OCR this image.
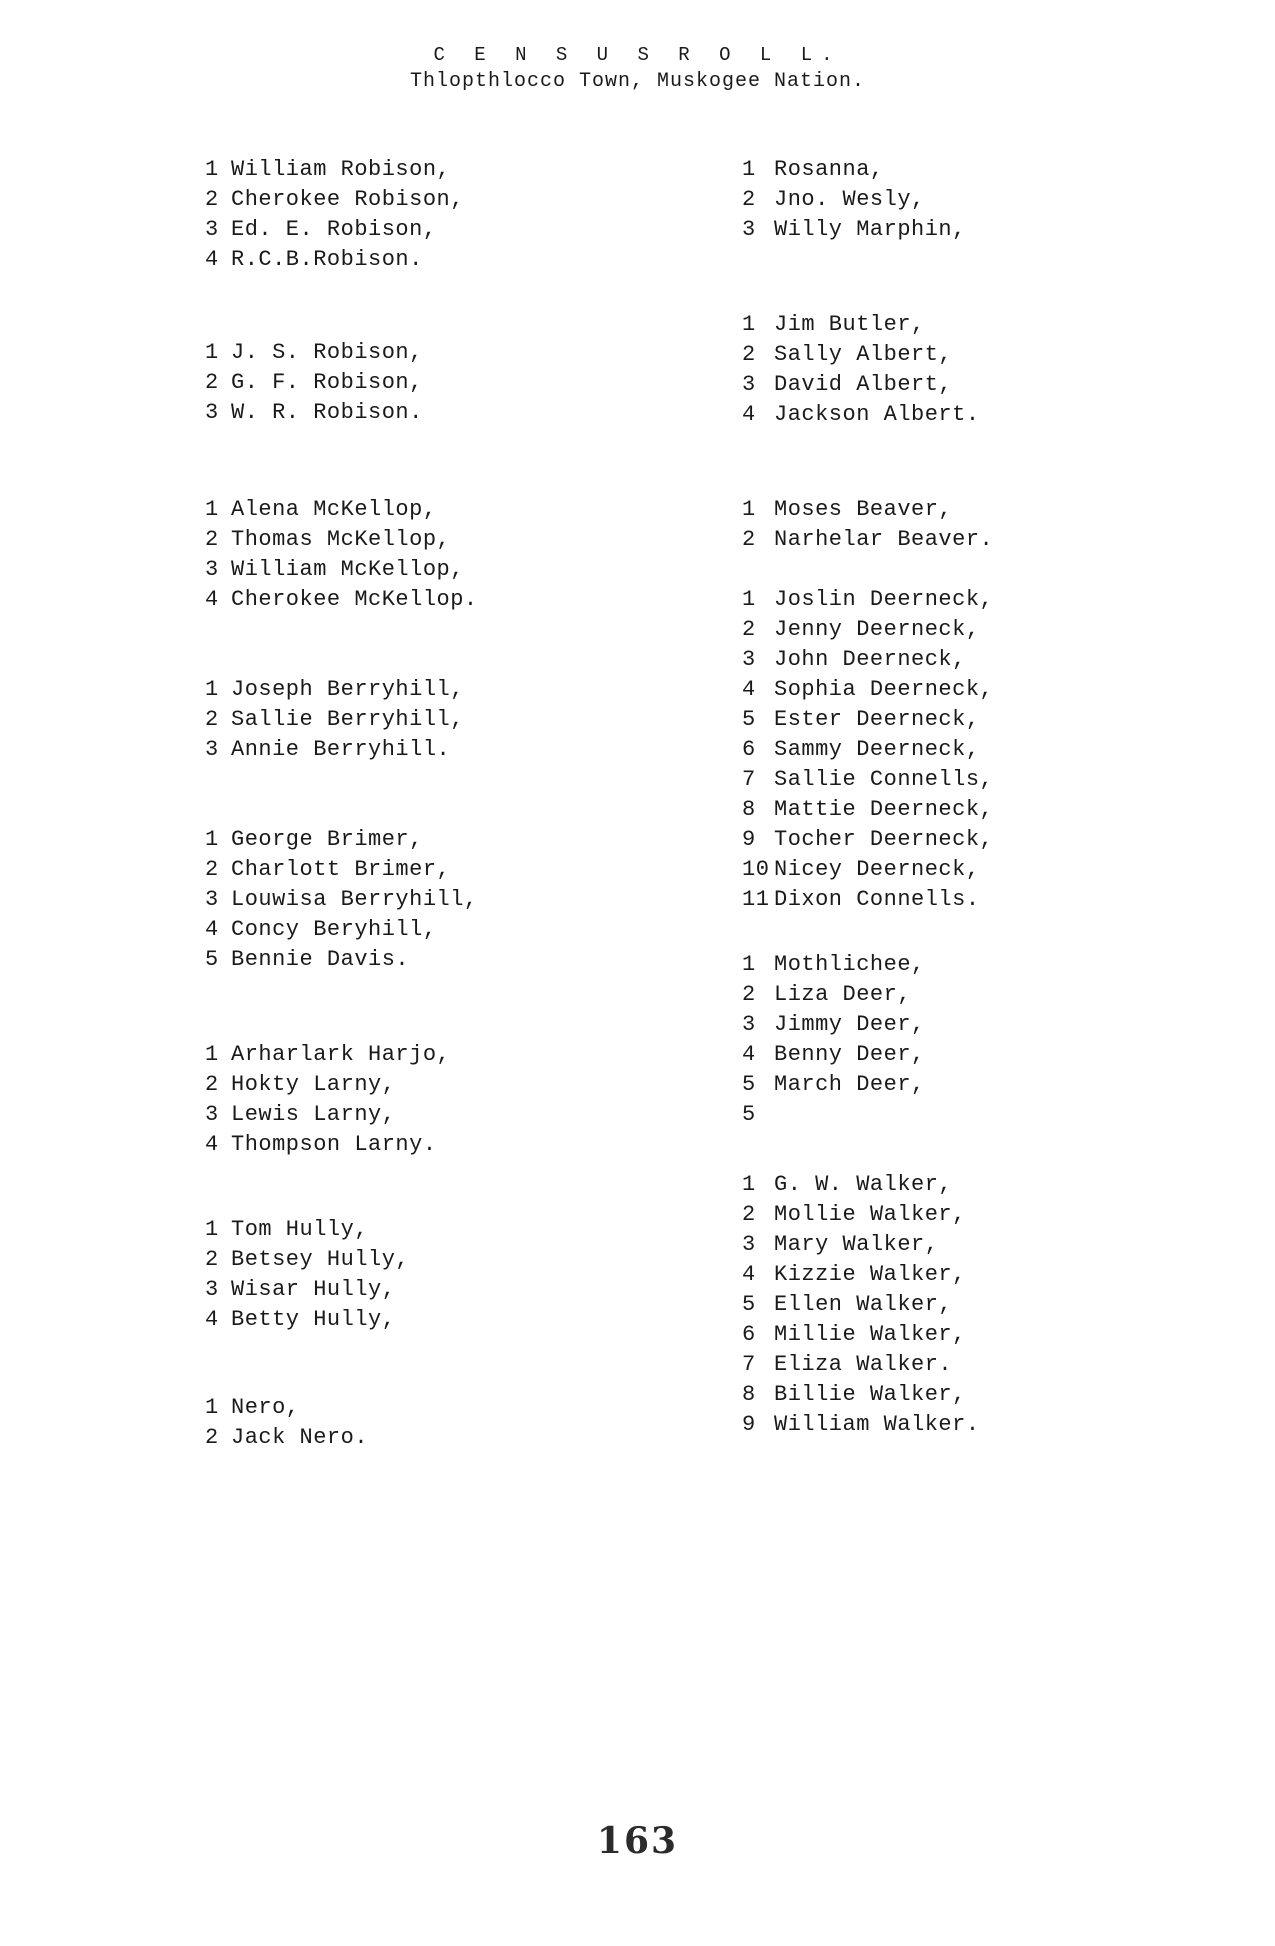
C E N S U S R O L L.
Thlopthlocco Town, Muskogee Nation.
1 William Robison,
2 Cherokee Robison,
3 Ed. E. Robison,
4 R.C.B.Robison.
1 J. S. Robison,
2 G. F. Robison,
3 W. R. Robison.
1 Alena McKellop,
2 Thomas McKellop,
3 William McKellop,
4 Cherokee McKellop.
1 Joseph Berryhill,
2 Sallie Berryhill,
3 Annie Berryhill.
1 George Brimer,
2 Charlott Brimer,
3 Louwisa Berryhill,
4 Concy Beryhill,
5 Bennie Davis.
1 Arharlark Harjo,
2 Hokty Larny,
3 Lewis Larny,
4 Thompson Larny.
1 Tom Hully,
2 Betsey Hully,
3 Wisar Hully,
4 Betty Hully,
1 Nero,
2 Jack Nero.
1 Rosanna,
2 Jno. Wesly,
3 Willy Marphin,
1 Jim Butler,
2 Sally Albert,
3 David Albert,
4 Jackson Albert.
1 Moses Beaver,
2 Narhelar Beaver.
1 Joslin Deerneck,
2 Jenny Deerneck,
3 John Deerneck,
4 Sophia Deerneck,
5 Ester Deerneck,
6 Sammy Deerneck,
7 Sallie Connells,
8 Mattie Deerneck,
9 Tocher Deerneck,
10 Nicey Deerneck,
11 Dixon Connells.
1 Mothlichee,
2 Liza Deer,
3 Jimmy Deer,
4 Benny Deer,
5 March Deer,
5
1 G. W. Walker,
2 Mollie Walker,
3 Mary Walker,
4 Kizzie Walker,
5 Ellen Walker,
6 Millie Walker,
7 Eliza Walker.
8 Billie Walker,
9 William Walker.
163
